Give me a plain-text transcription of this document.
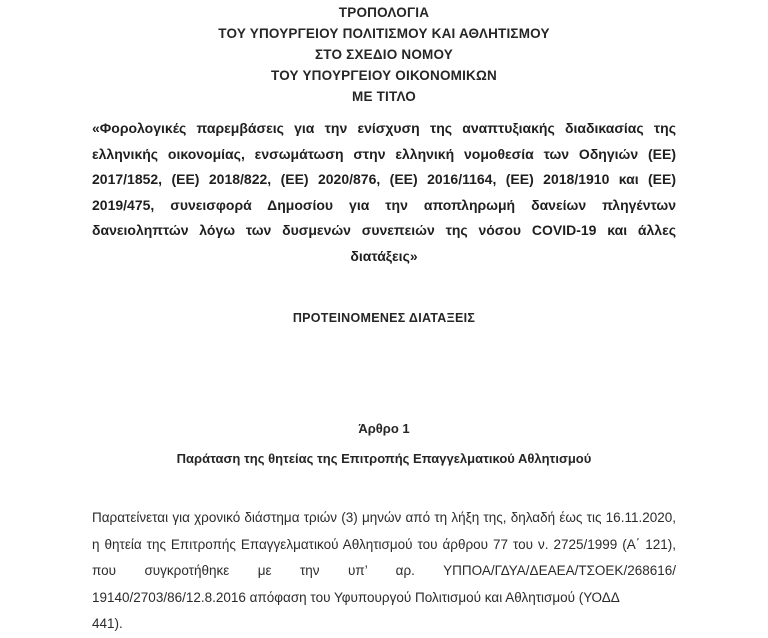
ΤΡΟΠΟΛΟΓΙΑ
ΤΟΥ ΥΠΟΥΡΓΕΙΟΥ ΠΟΛΙΤΙΣΜΟΥ ΚΑΙ ΑΘΛΗΤΙΣΜΟΥ
ΣΤΟ ΣΧΕΔΙΟ ΝΟΜΟΥ
ΤΟΥ ΥΠΟΥΡΓΕΙΟΥ ΟΙΚΟΝΟΜΙΚΩΝ
ΜΕ ΤΙΤΛΟ
«Φορολογικές παρεμβάσεις για την ενίσχυση της αναπτυξιακής διαδικασίας της ελληνικής οικονομίας, ενσωμάτωση στην ελληνική νομοθεσία των Οδηγιών (ΕΕ) 2017/1852, (ΕΕ) 2018/822, (ΕΕ) 2020/876, (ΕΕ) 2016/1164, (ΕΕ) 2018/1910 και (ΕΕ) 2019/475, συνεισφορά Δημοσίου για την αποπληρωμή δανείων πληγέντων δανειοληπτών λόγω των δυσμενών συνεπειών της νόσου COVID-19 και άλλες διατάξεις»
ΠΡΟΤΕΙΝΟΜΕΝΕΣ ΔΙΑΤΑΞΕΙΣ
Άρθρο 1
Παράταση της θητείας της Επιτροπής Επαγγελματικού Αθλητισμού
Παρατείνεται για χρονικό διάστημα τριών (3) μηνών από τη λήξη της, δηλαδή έως τις 16.11.2020, η θητεία της Επιτροπής Επαγγελματικού Αθλητισμού του άρθρου 77 του ν. 2725/1999 (Α΄ 121), που συγκροτήθηκε με την υπ’ αρ. ΥΠΠΟΑ/ΓΔΥΑ/ΔΕΑΕΑ/ΤΣΟΕΚ/268616/ 19140/2703/86/12.8.2016 απόφαση του Υφυπουργού Πολιτισμού και Αθλητισμού (ΥΟΔΔ
441).
